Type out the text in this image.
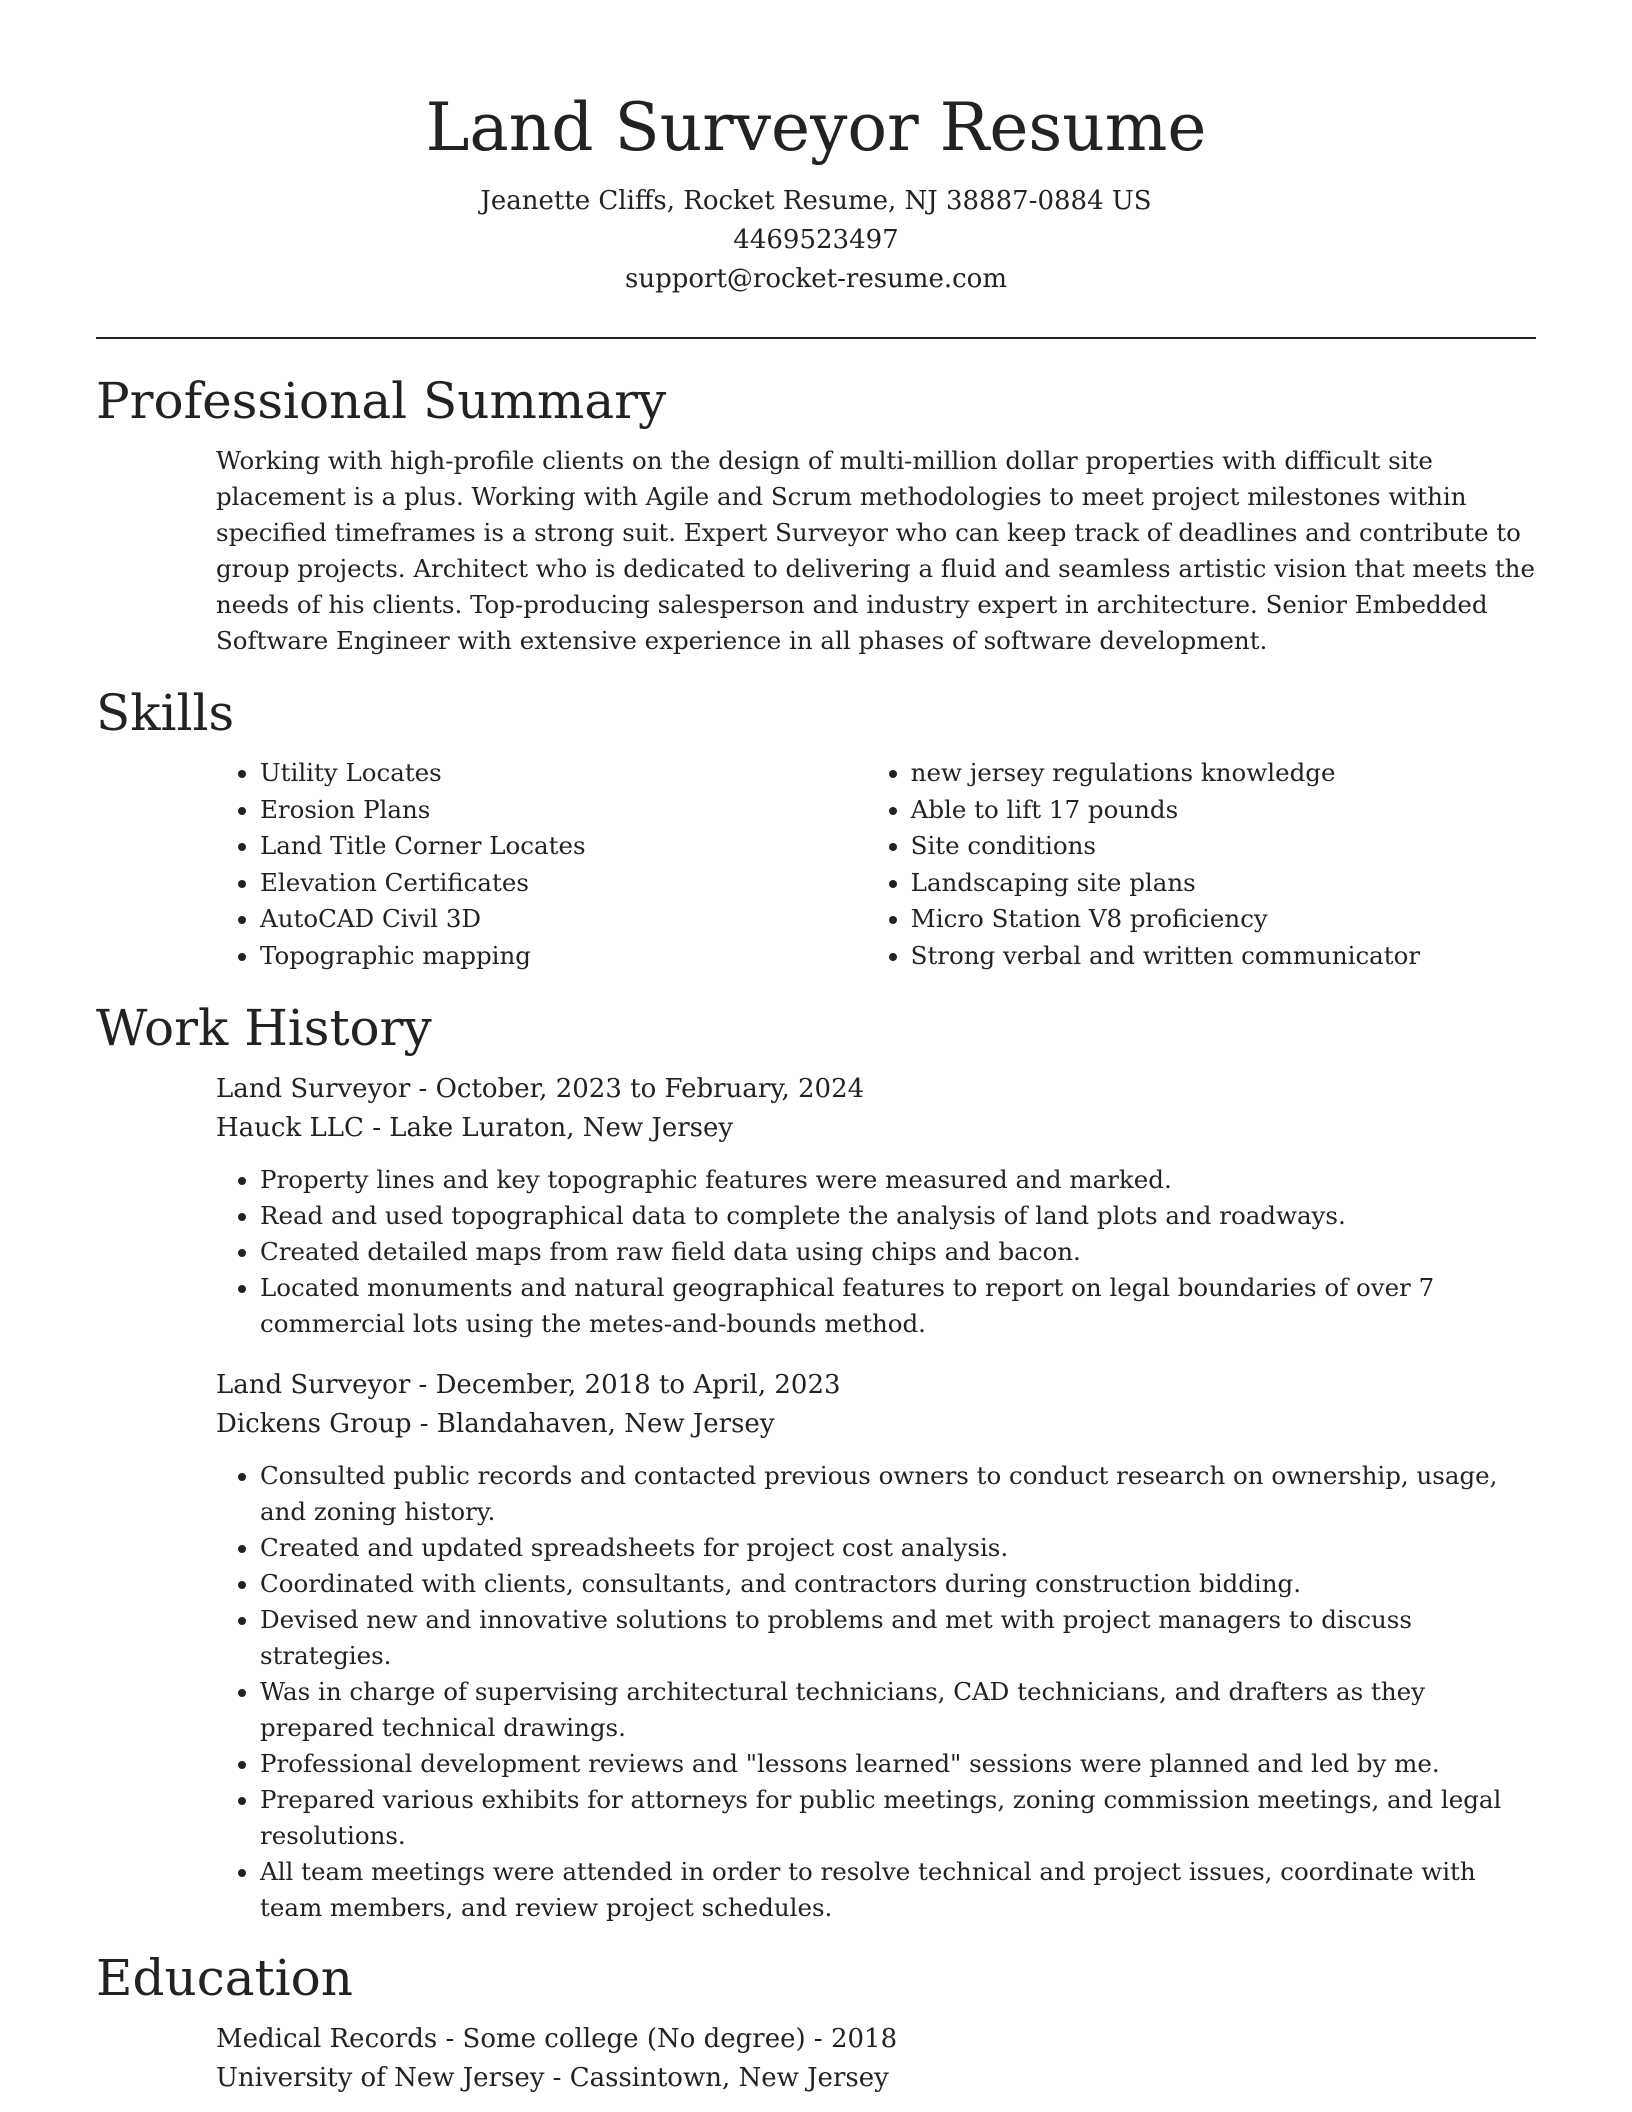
Land Surveyor Resume
Jeanette Cliffs, Rocket Resume, NJ 38887-0884 US
4469523497
support@rocket-resume.com
Professional Summary

Working with high-profile clients on the design of multi-million dollar properties with difficult site placement is a plus. Working with Agile and Scrum methodologies to meet project milestones within specified timeframes is a strong suit. Expert Surveyor who can keep track of deadlines and contribute to group projects. Architect who is dedicated to delivering a fluid and seamless artistic vision that meets the needs of his clients. Top-producing salesperson and industry expert in architecture. Senior Embedded Software Engineer with extensive experience in all phases of software development.

Skills
• Utility Locates
• Erosion Plans
• Land Title Corner Locates
• Elevation Certificates
• AutoCAD Civil 3D
• Topographic mapping
• new jersey regulations knowledge
• Able to lift 17 pounds
• Site conditions
• Landscaping site plans
• Micro Station V8 proficiency
• Strong verbal and written communicator
Work History
Land Surveyor - October, 2023 to February, 2024
Hauck LLC - Lake Luraton, New Jersey
• Property lines and key topographic features were measured and marked.
• Read and used topographical data to complete the analysis of land plots and roadways.
• Created detailed maps from raw field data using chips and bacon.
• Located monuments and natural geographical features to report on legal boundaries of over 7 commercial lots using the metes-and-bounds method.
Land Surveyor - December, 2018 to April, 2023
Dickens Group - Blandahaven, New Jersey
• Consulted public records and contacted previous owners to conduct research on ownership, usage, and zoning history.
• Created and updated spreadsheets for project cost analysis.
• Coordinated with clients, consultants, and contractors during construction bidding.
• Devised new and innovative solutions to problems and met with project managers to discuss strategies.
• Was in charge of supervising architectural technicians, CAD technicians, and drafters as they prepared technical drawings.
• Professional development reviews and "lessons learned" sessions were planned and led by me.
• Prepared various exhibits for attorneys for public meetings, zoning commission meetings, and legal resolutions.
• All team meetings were attended in order to resolve technical and project issues, coordinate with team members, and review project schedules.
Education
Medical Records - Some college (No degree) - 2018
University of New Jersey - Cassintown, New Jersey
